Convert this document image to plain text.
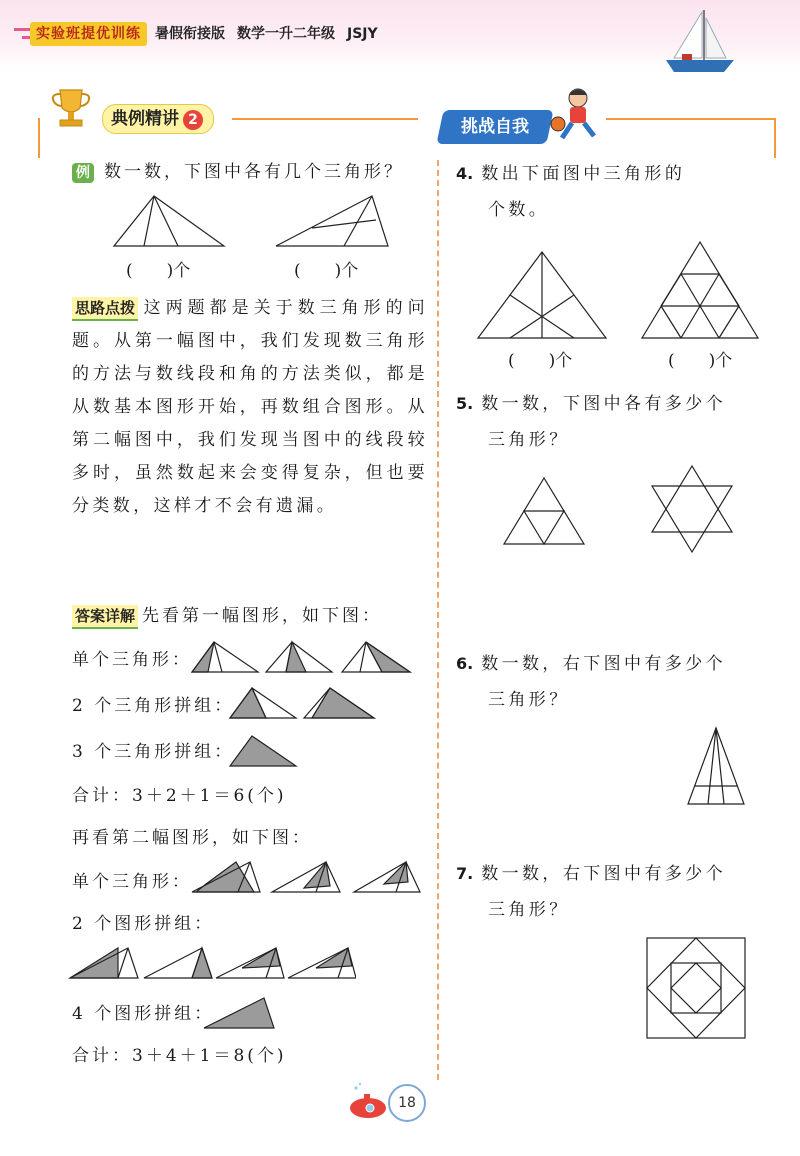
实验班提优训练 暑假衔接版 数学一升二年级 JSJY
典例精讲 2	挑战自我
例 数一数，下图中各有几个三角形？
(　　)个	(　　)个
思路点拨 这两题都是关于数三角形的问题。从第一幅图中，我们发现数三角形的方法与数线段和角的方法类似，都是从数基本图形开始，再数组合图形。从第二幅图中，我们发现当图中的线段较多时，虽然数起来会变得复杂，但也要分类数，这样才不会有遗漏。
答案详解 先看第一幅图形，如下图：
单个三角形：
2 个三角形拼组：
3 个三角形拼组：
合计：3＋2＋1＝6(个)
再看第二幅图形，如下图：
单个三角形：
2 个图形拼组：
4 个图形拼组：
合计：3＋4＋1＝8(个)
4. 数出下面图中三角形的
个数。
(　　)个	(　　)个
5. 数一数，下图中各有多少个
三角形？
6. 数一数，右下图中有多少个
三角形？
7. 数一数，右下图中有多少个
三角形？
18
